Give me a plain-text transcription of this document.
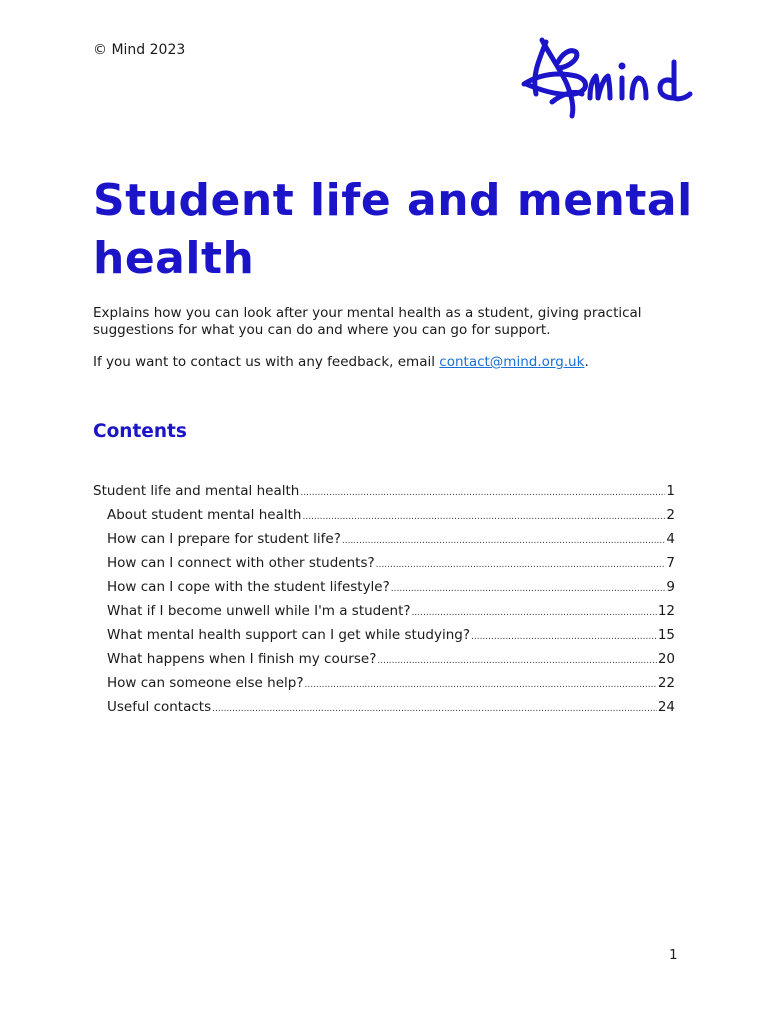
© Mind 2023
mind
Student life and mental health

Explains how you can look after your mental health as a student, giving practical suggestions for what you can do and where you can go for support.

If you want to contact us with any feedback, email contact@mind.org.uk.

Contents
Student life and mental health .....	1
About student mental health .....	2
How can I prepare for student life? .....	4
How can I connect with other students? .....	7
How can I cope with the student lifestyle? .....	9
What if I become unwell while I'm a student? .....	12
What mental health support can I get while studying? .....	15
What happens when I finish my course? .....	20
How can someone else help? .....	22
Useful contacts .....	24
1
